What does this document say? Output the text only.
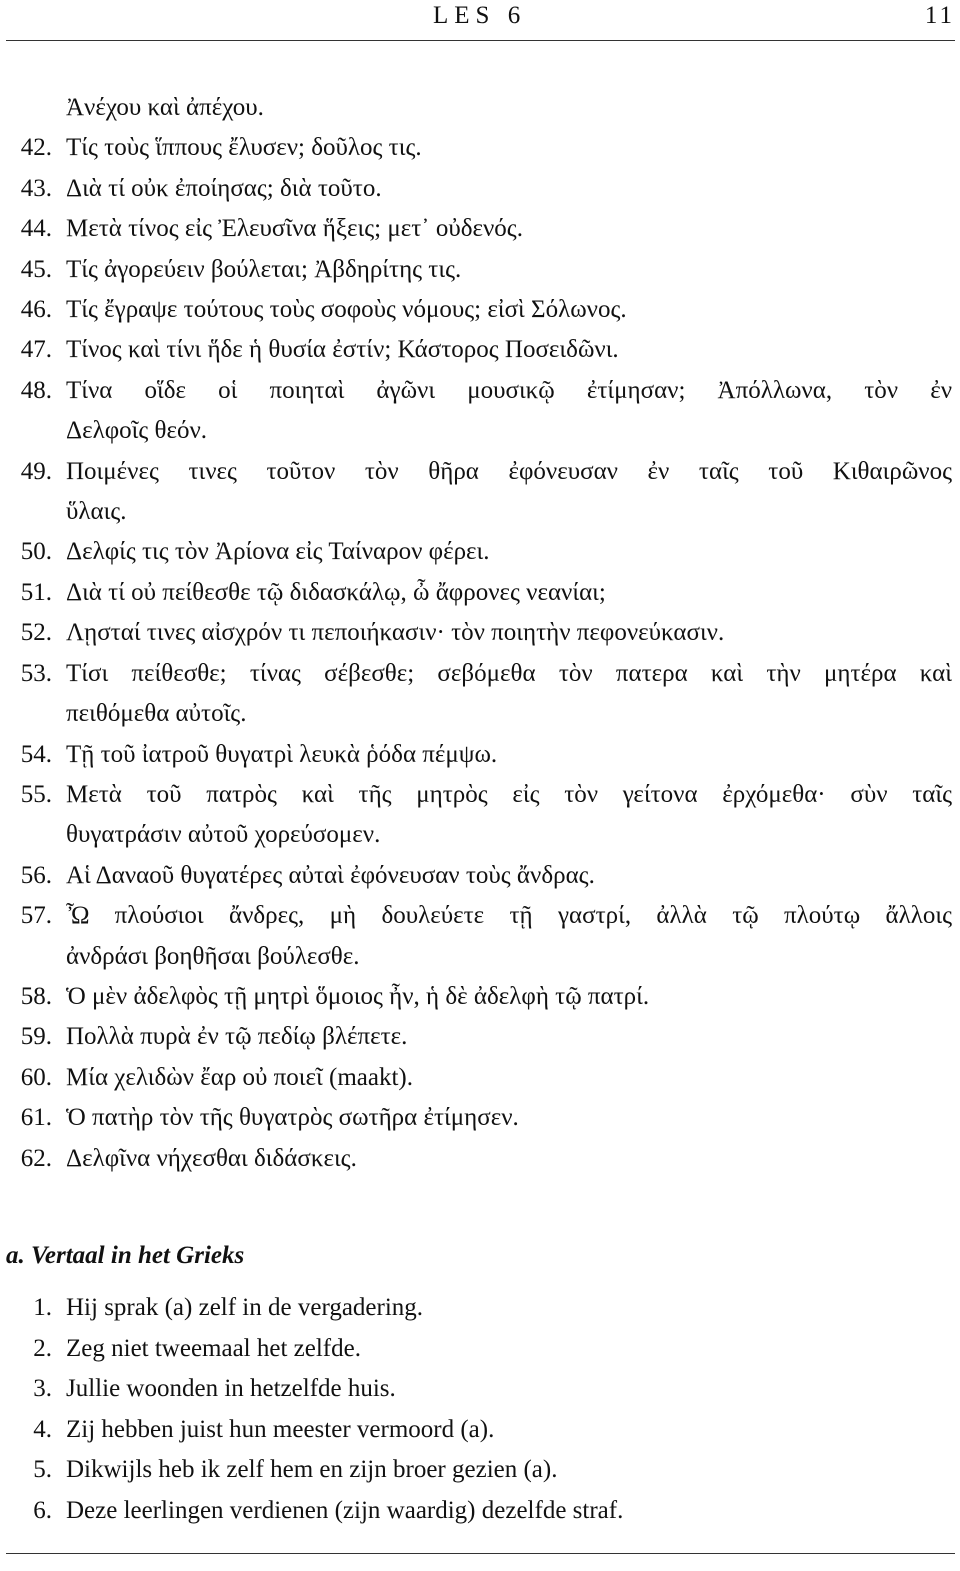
LES 6	11
Ἀνέχου καὶ ἀπέχου.
42. Τίς τοὺς ἵππους ἔλυσεν; δοῦλος τις.
43. Διὰ τί οὐκ ἐποίησας; διὰ τοῦτο.
44. Μετὰ τίνος εἰς Ἐλευσῖνα ἥξεις; μετ᾽ οὐδενός.
45. Τίς ἀγορεύειν βούλεται; Ἀβδηρίτης τις.
46. Τίς ἔγραψε τούτους τοὺς σοφοὺς νόμους; εἰσὶ Σόλωνος.
47. Τίνος καὶ τίνι ἥδε ἡ θυσία ἐστίν; Κάστορος Ποσειδῶνι.
48. Τίνα οἵδε οἱ ποιηταὶ ἀγῶνι μουσικῷ ἐτίμησαν; Ἀπόλλωνα, τὸν ἐν
Δελφοῖς θεόν.
49. Ποιμένες τινες τοῦτον τὸν θῆρα ἐφόνευσαν ἐν ταῖς τοῦ Κιθαιρῶνος
ὕλαις.
50. Δελφίς τις τὸν Ἀρίονα εἰς Ταίναρον φέρει.
51. Διὰ τί οὐ πείθεσθε τῷ διδασκάλῳ, ὦ ἄφρονες νεανίαι;
52. Λῃσταί τινες αἰσχρόν τι πεποιήκασιν· τὸν ποιητὴν πεφονεύκασιν.
53. Τίσι πείθεσθε; τίνας σέβεσθε; σεβόμεθα τὸν πατερα καὶ τὴν μητέρα καὶ
πειθόμεθα αὐτοῖς.
54. Τῇ τοῦ ἰατροῦ θυγατρὶ λευκὰ ῥόδα πέμψω.
55. Μετὰ τοῦ πατρὸς καὶ τῆς μητρὸς εἰς τὸν γείτονα ἐρχόμεθα· σὺν ταῖς
θυγατράσιν αὐτοῦ χορεύσομεν.
56. Αἱ Δαναοῦ θυγατέρες αὐταὶ ἐφόνευσαν τοὺς ἄνδρας.
57. Ὦ πλούσιοι ἄνδρες, μὴ δουλεύετε τῇ γαστρί, ἀλλὰ τῷ πλούτῳ ἄλλοις
ἀνδράσι βοηθῆσαι βούλεσθε.
58. Ὁ μὲν ἀδελφὸς τῇ μητρὶ ὅμοιος ἦν, ἡ δὲ ἀδελφὴ τῷ πατρί.
59. Πολλὰ πυρὰ ἐν τῷ πεδίῳ βλέπετε.
60. Μία χελιδὼν ἔαρ οὐ ποιεῖ (maakt).
61. Ὁ πατὴρ τὸν τῆς θυγατρὸς σωτῆρα ἐτίμησεν.
62. Δελφῖνα νήχεσθαι διδάσκεις.
a. Vertaal in het Grieks
1. Hij sprak (a) zelf in de vergadering.
2. Zeg niet tweemaal het zelfde.
3. Jullie woonden in hetzelfde huis.
4. Zij hebben juist hun meester vermoord (a).
5. Dikwijls heb ik zelf hem en zijn broer gezien (a).
6. Deze leerlingen verdienen (zijn waardig) dezelfde straf.
